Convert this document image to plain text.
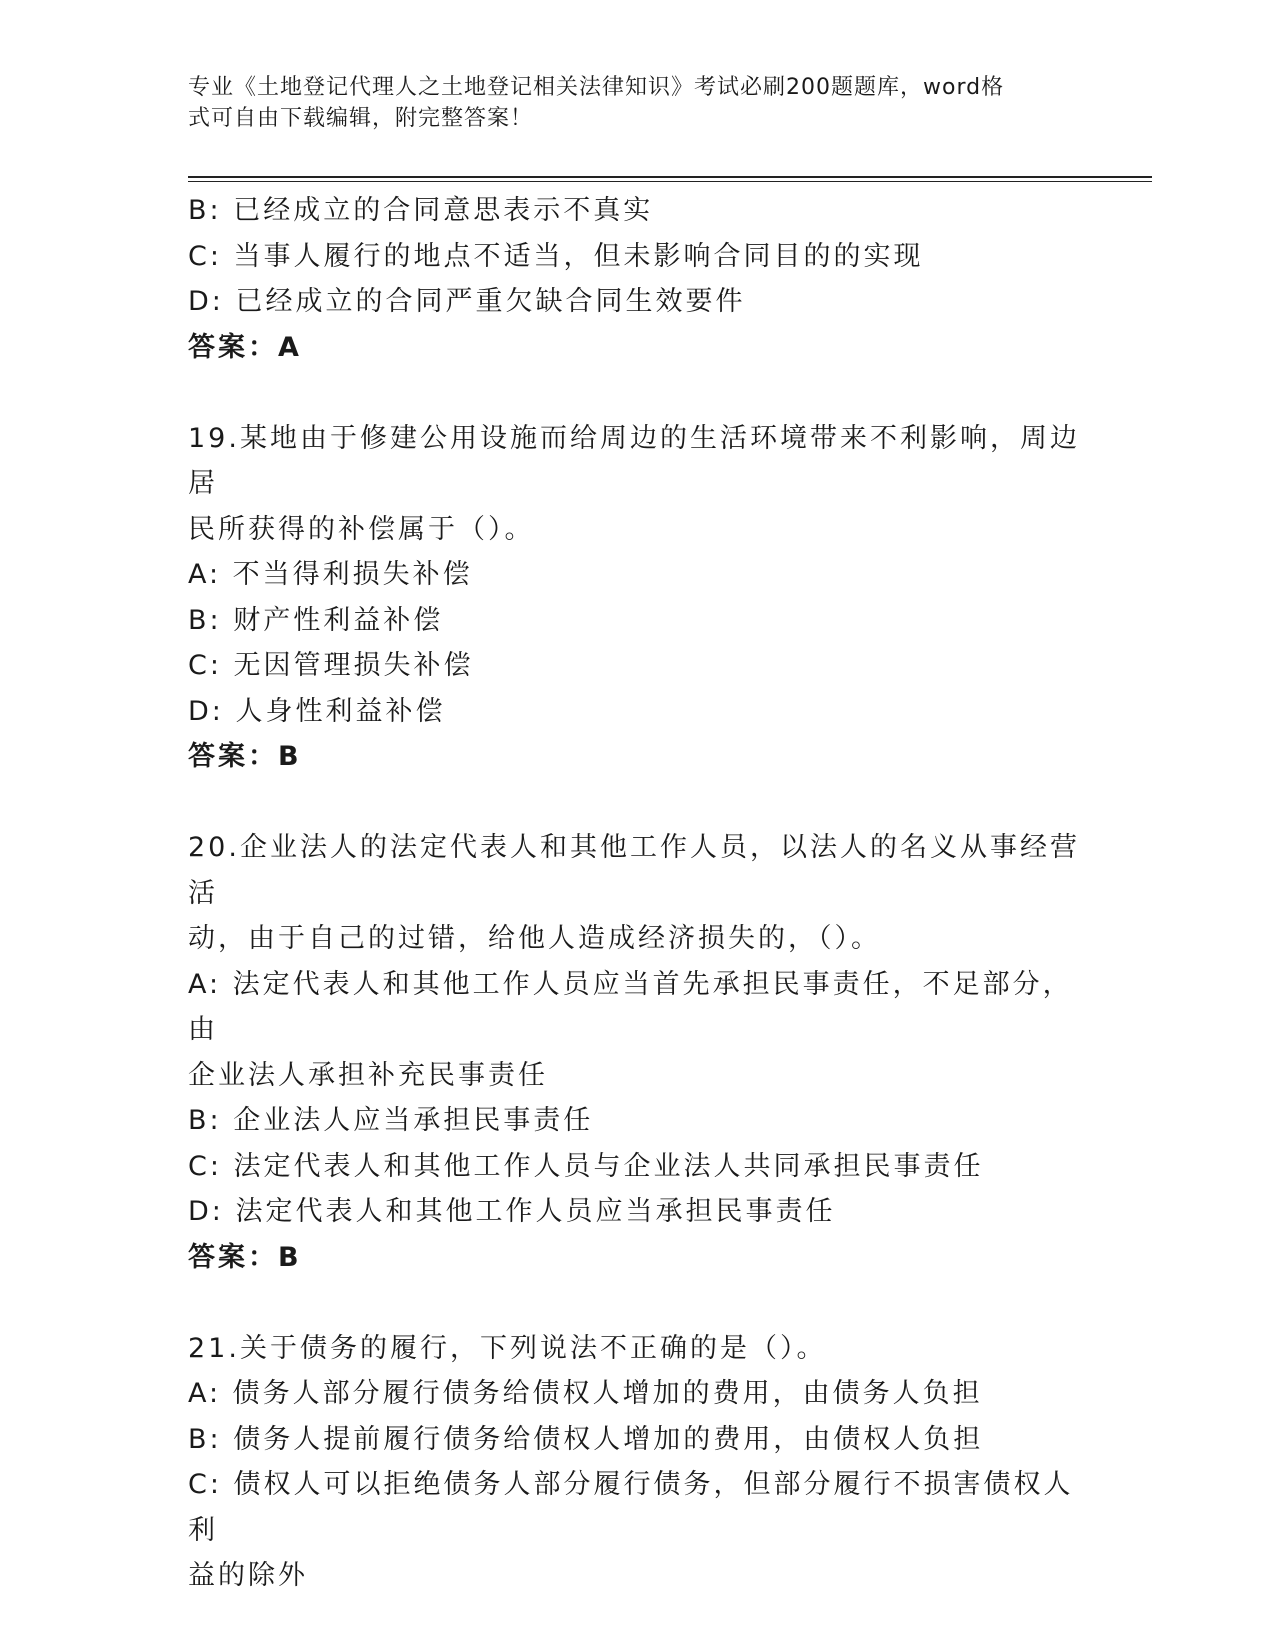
专业《土地登记代理人之土地登记相关法律知识》考试必刷200题题库，word格
式可自由下载编辑，附完整答案！
B: 已经成立的合同意思表示不真实
C: 当事人履行的地点不适当，但未影响合同目的的实现
D: 已经成立的合同严重欠缺合同生效要件
答案：A
19.某地由于修建公用设施而给周边的生活环境带来不利影响，周边居
民所获得的补偿属于（）。
A: 不当得利损失补偿
B: 财产性利益补偿
C: 无因管理损失补偿
D: 人身性利益补偿
答案：B
20.企业法人的法定代表人和其他工作人员，以法人的名义从事经营活
动，由于自己的过错，给他人造成经济损失的，（）。
A: 法定代表人和其他工作人员应当首先承担民事责任，不足部分，由
企业法人承担补充民事责任
B: 企业法人应当承担民事责任
C: 法定代表人和其他工作人员与企业法人共同承担民事责任
D: 法定代表人和其他工作人员应当承担民事责任
答案：B
21.关于债务的履行，下列说法不正确的是（）。
A: 债务人部分履行债务给债权人增加的费用，由债务人负担
B: 债务人提前履行债务给债权人增加的费用，由债权人负担
C: 债权人可以拒绝债务人部分履行债务，但部分履行不损害债权人利
益的除外
